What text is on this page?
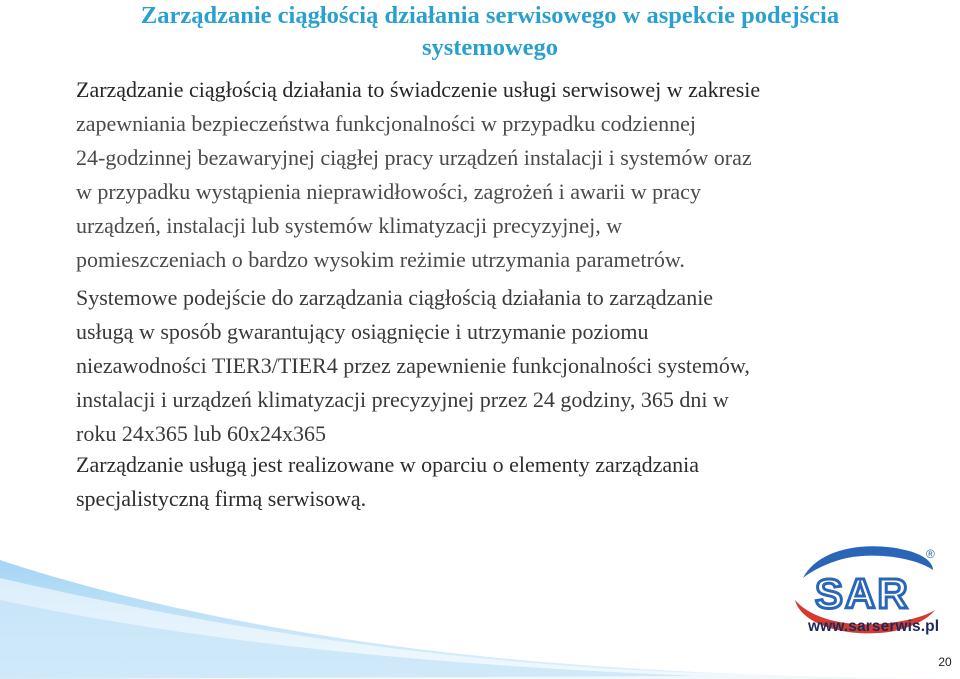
Zarządzanie ciągłością działania serwisowego w aspekcie podejścia
systemowego
Zarządzanie ciągłością działania to świadczenie usługi serwisowej w zakresie
zapewniania bezpieczeństwa funkcjonalności w przypadku codziennej
24-godzinnej bezawaryjnej ciągłej pracy urządzeń instalacji i systemów oraz
w przypadku wystąpienia nieprawidłowości, zagrożeń i awarii w pracy
urządzeń, instalacji lub systemów klimatyzacji precyzyjnej, w
pomieszczeniach o bardzo wysokim reżimie utrzymania parametrów.
Systemowe podejście do zarządzania ciągłością działania to zarządzanie
usługą w sposób gwarantujący osiągnięcie i utrzymanie poziomu
niezawodności TIER3/TIER4 przez zapewnienie funkcjonalności systemów,
instalacji i urządzeń klimatyzacji precyzyjnej przez 24 godziny, 365 dni w
roku 24x365 lub 60x24x365
Zarządzanie usługą jest realizowane w oparciu o elementy zarządzania
specjalistyczną firmą serwisową.
SAR
®
www.sarserwis.pl
20
